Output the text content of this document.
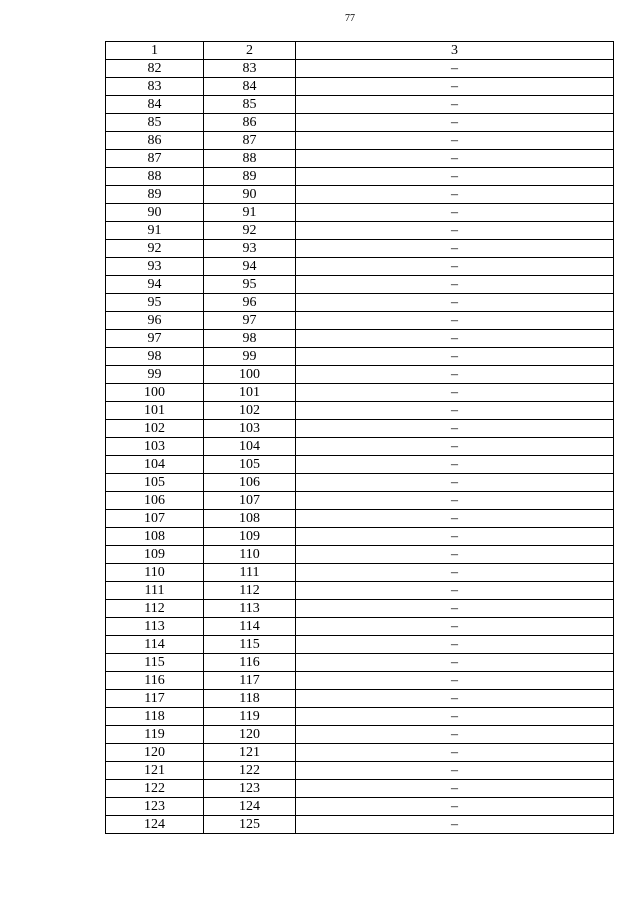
77
1	2	3
82	83	–
83	84	–
84	85	–
85	86	–
86	87	–
87	88	–
88	89	–
89	90	–
90	91	–
91	92	–
92	93	–
93	94	–
94	95	–
95	96	–
96	97	–
97	98	–
98	99	–
99	100	–
100	101	–
101	102	–
102	103	–
103	104	–
104	105	–
105	106	–
106	107	–
107	108	–
108	109	–
109	110	–
110	111	–
111	112	–
112	113	–
113	114	–
114	115	–
115	116	–
116	117	–
117	118	–
118	119	–
119	120	–
120	121	–
121	122	–
122	123	–
123	124	–
124	125	–
